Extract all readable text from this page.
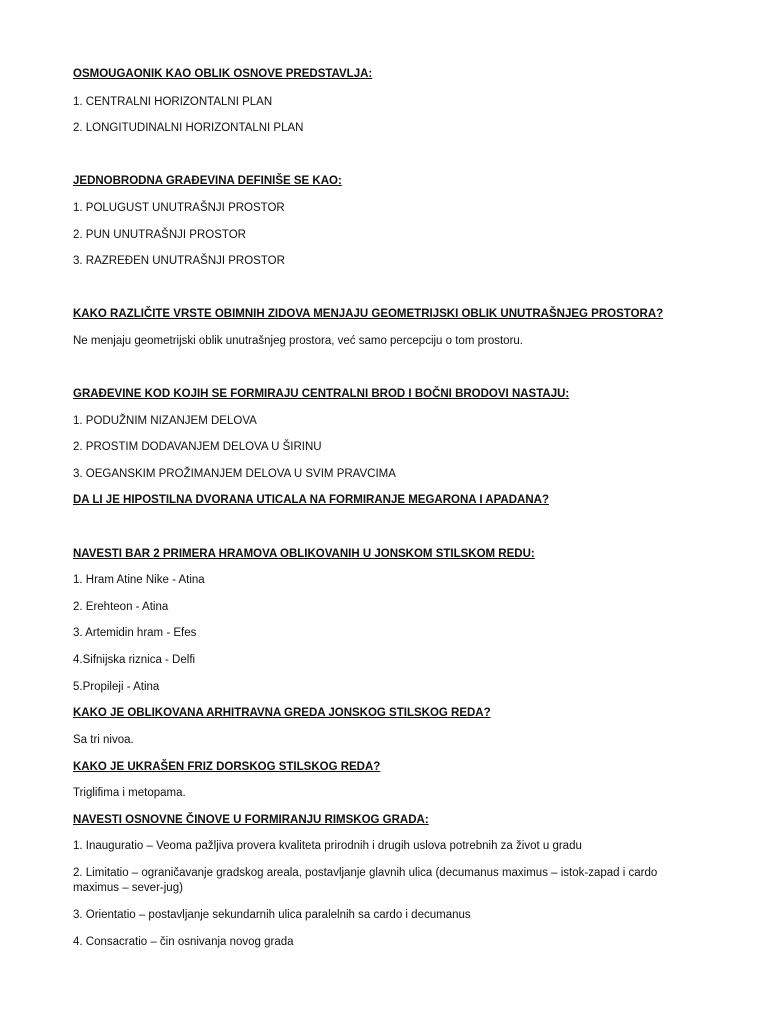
OSMOUGAONIK KAO OBLIK OSNOVE PREDSTAVLJA:
1. CENTRALNI HORIZONTALNI PLAN
2. LONGITUDINALNI HORIZONTALNI PLAN
JEDNOBRODNA GRAĐEVINA DEFINIŠE SE KAO:
1. POLUGUST UNUTRAŠNJI PROSTOR
2. PUN UNUTRAŠNJI PROSTOR
3. RAZREĐEN UNUTRAŠNJI PROSTOR
KAKO RAZLIČITE VRSTE OBIMNIH ZIDOVA MENJAJU GEOMETRIJSKI OBLIK UNUTRAŠNJEG PROSTORA?
Ne menjaju geometrijski oblik unutrašnjeg prostora, već samo percepciju o tom prostoru.
GRAĐEVINE KOD KOJIH SE FORMIRAJU CENTRALNI BROD I BOČNI BRODOVI NASTAJU:
1. PODUŽNIM NIZANJEM DELOVA
2. PROSTIM DODAVANJEM DELOVA U ŠIRINU
3. OEGANSKIM PROŽIMANJEM DELOVA U SVIM PRAVCIMA
DA LI JE HIPOSTILNA DVORANA UTICALA NA FORMIRANJE MEGARONA I APADANA?
NAVESTI BAR 2 PRIMERA HRAMOVA OBLIKOVANIH U JONSKOM STILSKOM REDU:
1. Hram Atine Nike - Atina
2. Erehteon - Atina
3. Artemidin hram - Efes
4.Sifnijska riznica - Delfi
5.Propileji - Atina
KAKO JE OBLIKOVANA ARHITRAVNA GREDA JONSKOG STILSKOG REDA?
Sa tri nivoa.
KAKO JE UKRAŠEN FRIZ DORSKOG STILSKOG REDA?
Triglifima i metopama.
NAVESTI OSNOVNE ČINOVE U FORMIRANJU RIMSKOG GRADA:
1. Inauguratio – Veoma pažljiva provera kvaliteta prirodnih i drugih uslova potrebnih za život u gradu
2. Limitatio – ograničavanje gradskog areala, postavljanje glavnih ulica (decumanus maximus – istok-zapad i cardo maximus – sever-jug)
3. Orientatio – postavljanje sekundarnih ulica paralelnih sa cardo i decumanus
4. Consacratio – čin osnivanja novog grada
